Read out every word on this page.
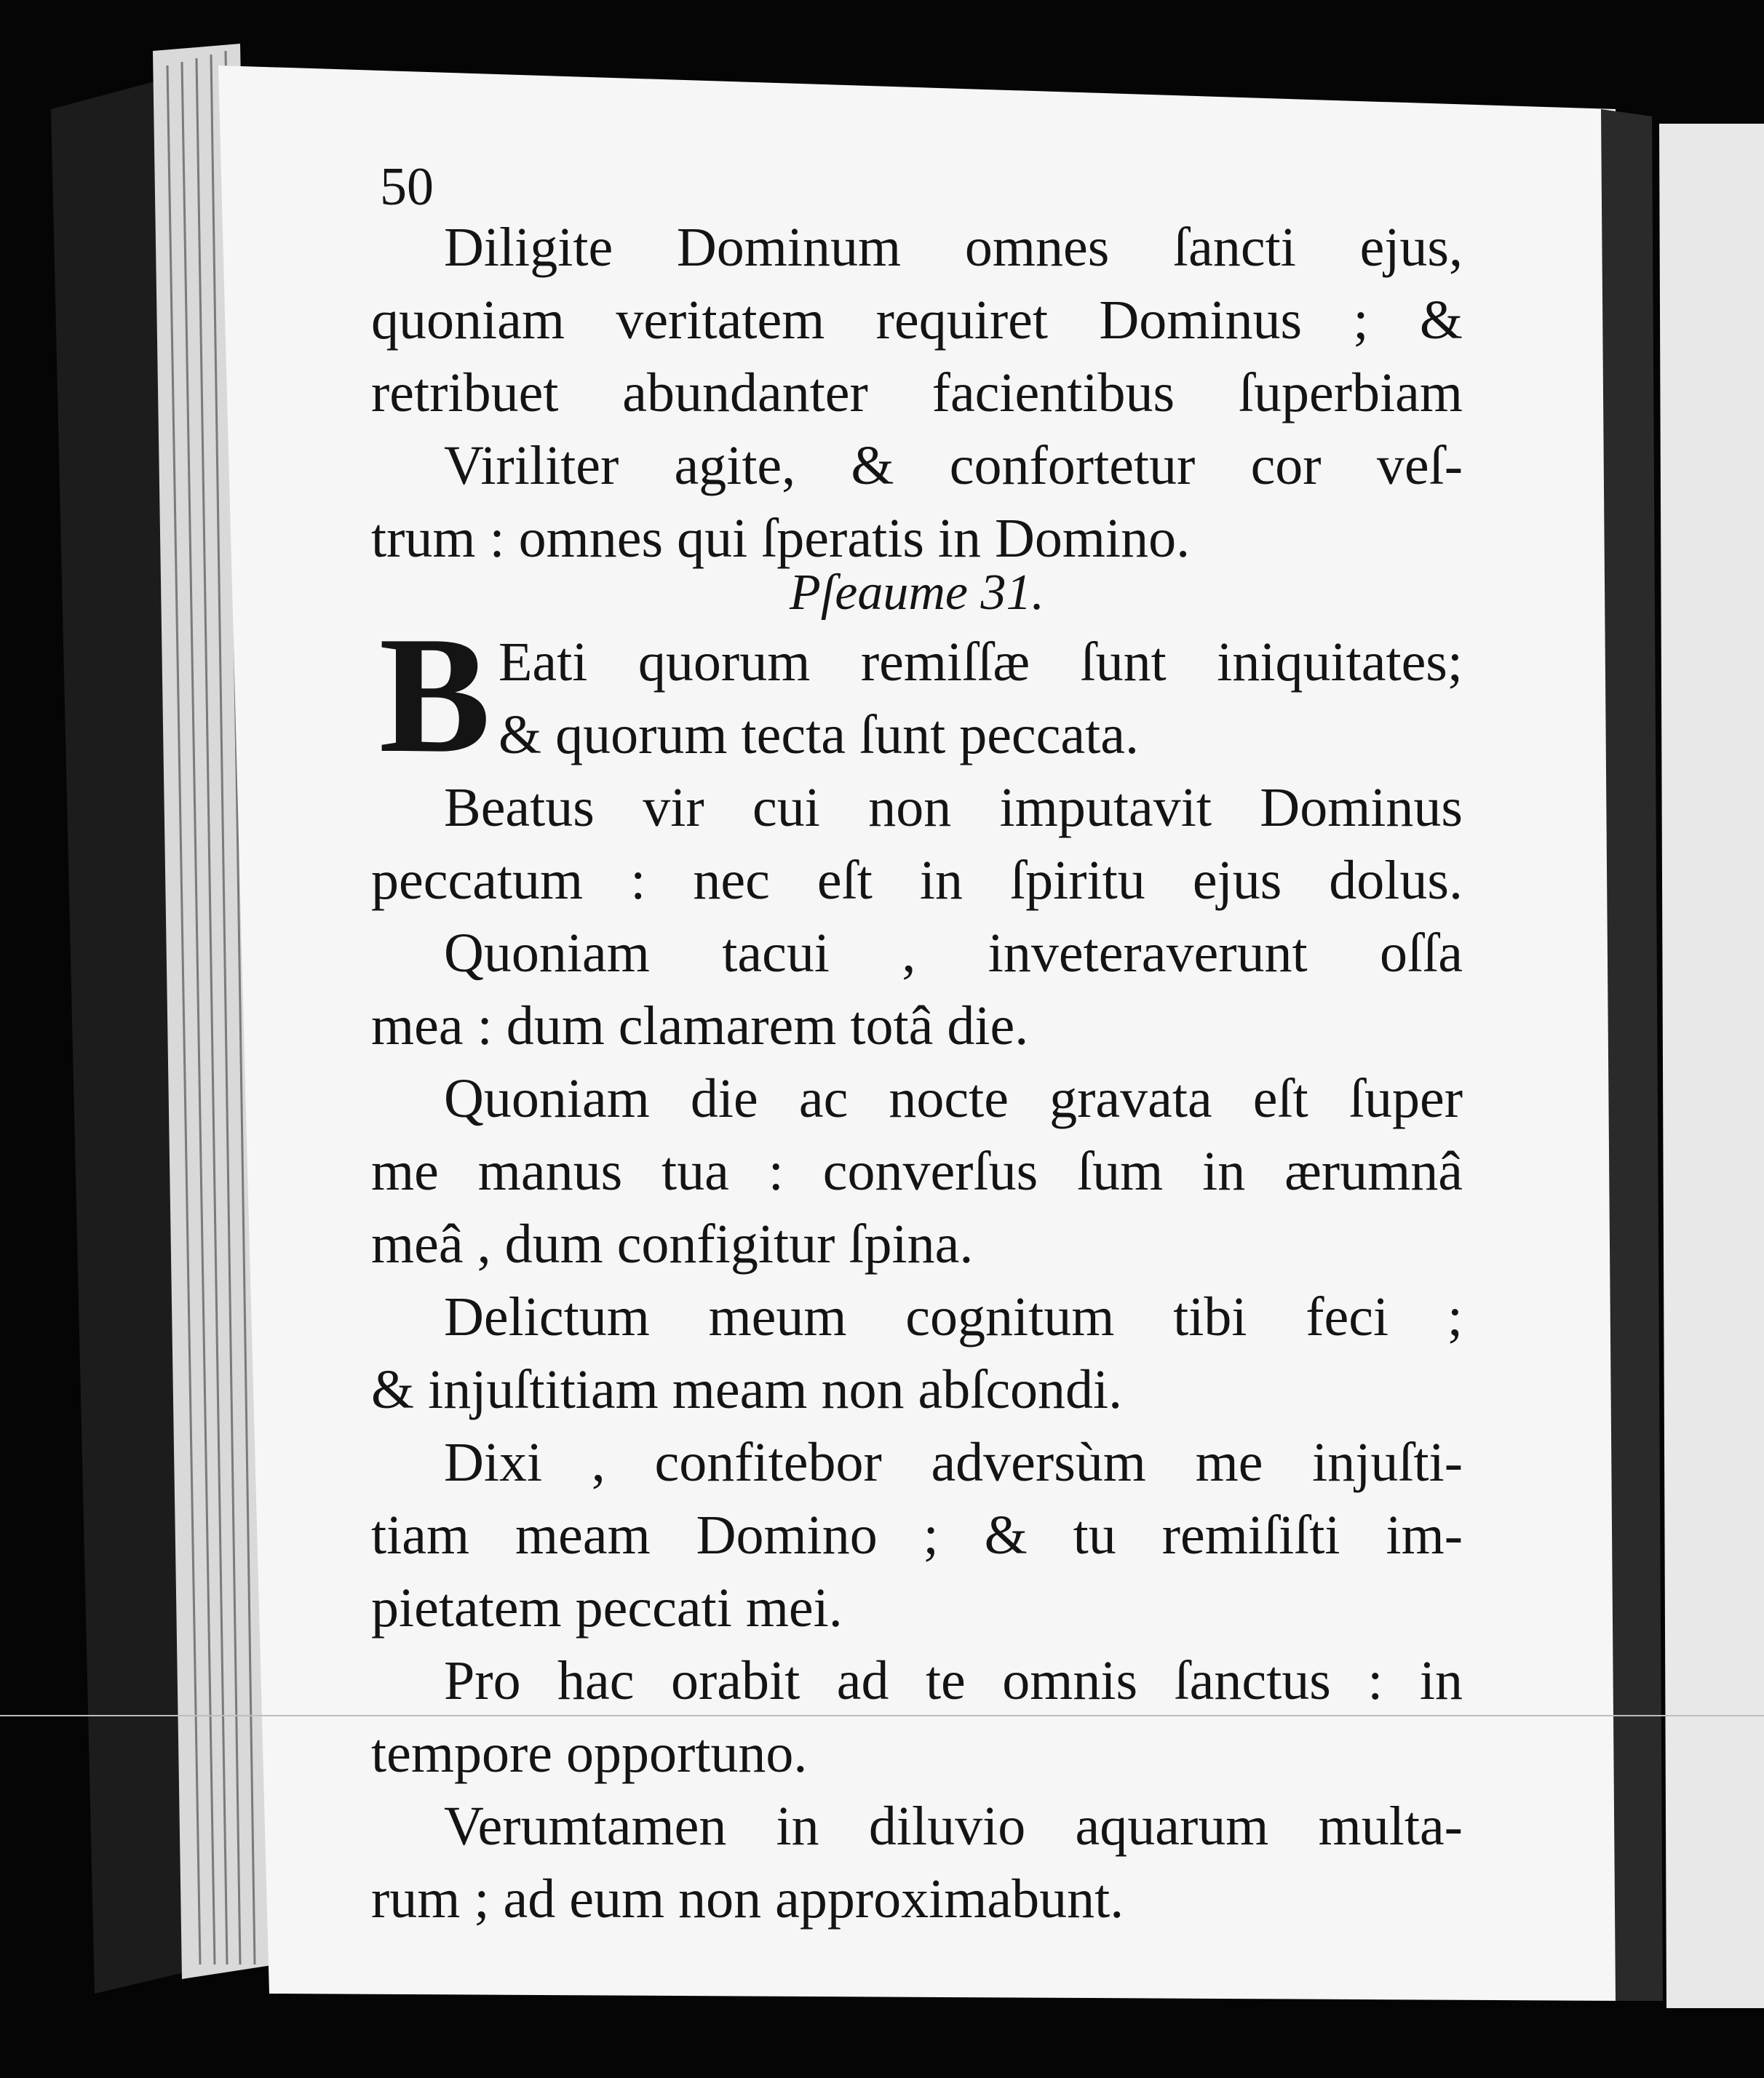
50
Diligite Dominum omnes ſancti ejus,
quoniam veritatem requiret Dominus ; &
retribuet abundanter facientibus ſuperbiam
Viriliter agite, & confortetur cor veſ-
trum : omnes qui ſperatis in Domino.
Pſeaume 31.
B Eati quorum remiſſæ ſunt iniquitates;
& quorum tecta ſunt peccata.
Beatus vir cui non imputavit Dominus
peccatum : nec eſt in ſpiritu ejus dolus.
Quoniam tacui , inveteraverunt oſſa
mea : dum clamarem totâ die.
Quoniam die ac nocte gravata eſt ſuper
me manus tua : converſus ſum in ærumnâ
meâ , dum configitur ſpina.
Delictum meum cognitum tibi feci ;
& injuſtitiam meam non abſcondi.
Dixi , confitebor adversùm me injuſti-
tiam meam Domino ; & tu remiſiſti im-
pietatem peccati mei.
Pro hac orabit ad te omnis ſanctus : in
tempore opportuno.
Verumtamen in diluvio aquarum multa-
rum ; ad eum non approximabunt.
